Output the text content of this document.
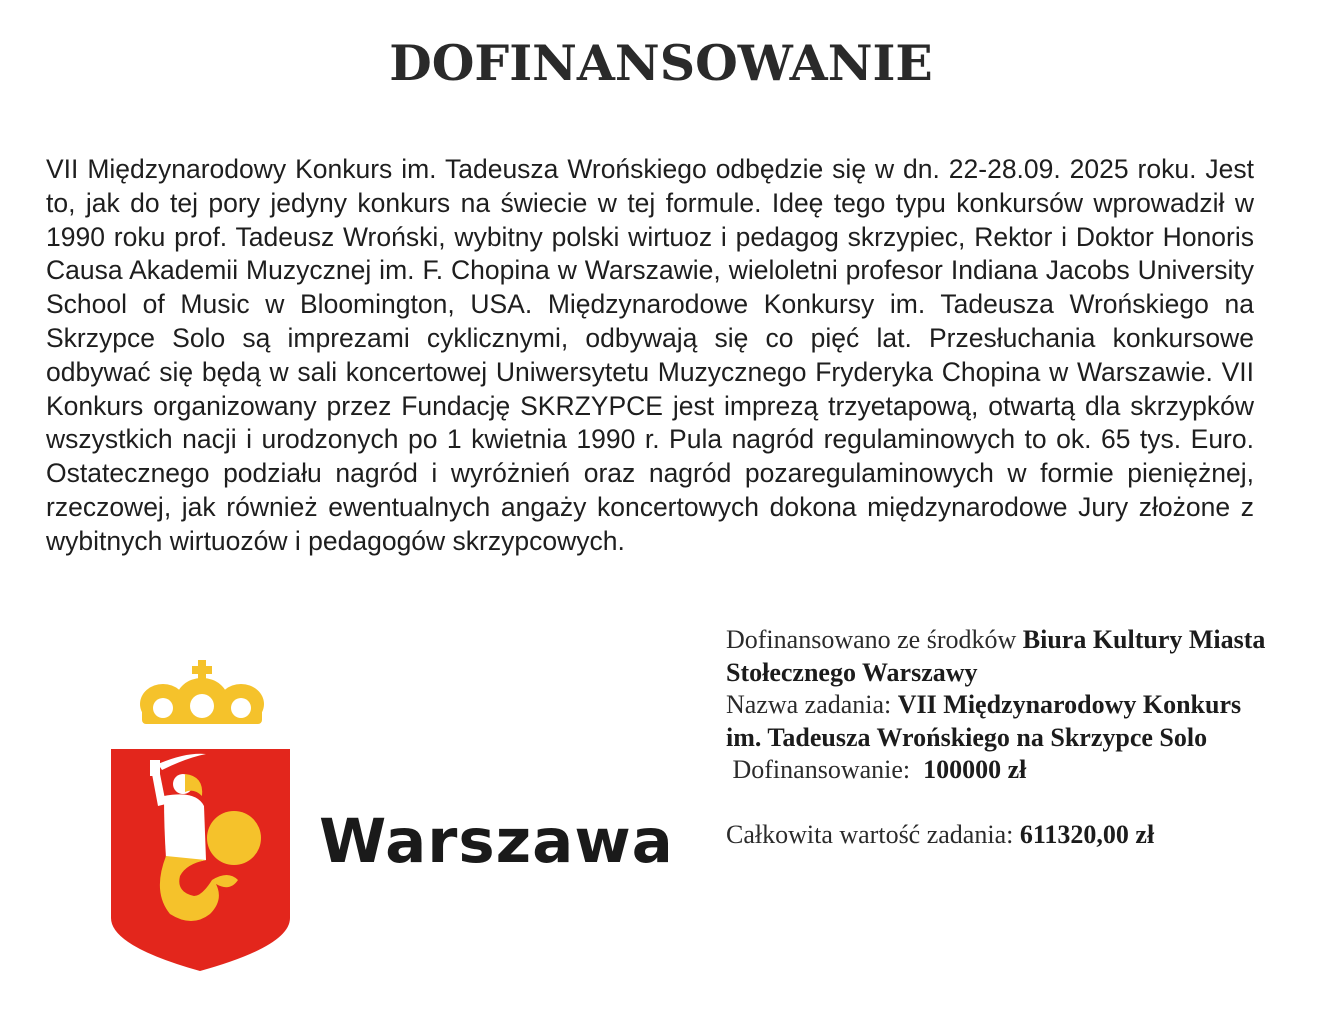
DOFINANSOWANIE

VII Międzynarodowy Konkurs im. Tadeusza Wrońskiego odbędzie się w dn. 22-28.09. 2025 roku. Jest to, jak do tej pory jedyny konkurs na świecie w tej formule. Ideę tego typu konkursów wprowadził w 1990 roku prof. Tadeusz Wroński, wybitny polski wirtuoz i pedagog skrzypiec, Rektor i Doktor Honoris Causa Akademii Muzycznej im. F. Chopina w Warszawie, wieloletni profesor Indiana Jacobs University School of Music w Bloomington, USA. Międzynarodowe Konkursy im. Tadeusza Wrońskiego na Skrzypce Solo są imprezami cyklicznymi, odbywają się co pięć lat. Przesłuchania konkursowe odbywać się będą w sali koncertowej Uniwersytetu Muzycznego Fryderyka Chopina w Warszawie. VII Konkurs organizowany przez Fundację SKRZYPCE jest imprezą trzyetapową, otwartą dla skrzypków wszystkich nacji i urodzonych po 1 kwietnia 1990 r. Pula nagród regulaminowych to ok. 65 tys. Euro. Ostatecznego podziału nagród i wyróżnień oraz nagród pozaregulaminowych w formie pieniężnej, rzeczowej, jak również ewentualnych angaży koncertowych dokona międzynarodowe Jury złożone z wybitnych wirtuozów i pedagogów skrzypcowych.

Warszawa

Dofinansowano ze środków Biura Kultury Miasta Stołecznego Warszawy

Nazwa zadania: VII Międzynarodowy Konkurs im. Tadeusza Wrońskiego na Skrzypce Solo Dofinansowanie:  100000 zł

Całkowita wartość zadania: 611320,00 zł
